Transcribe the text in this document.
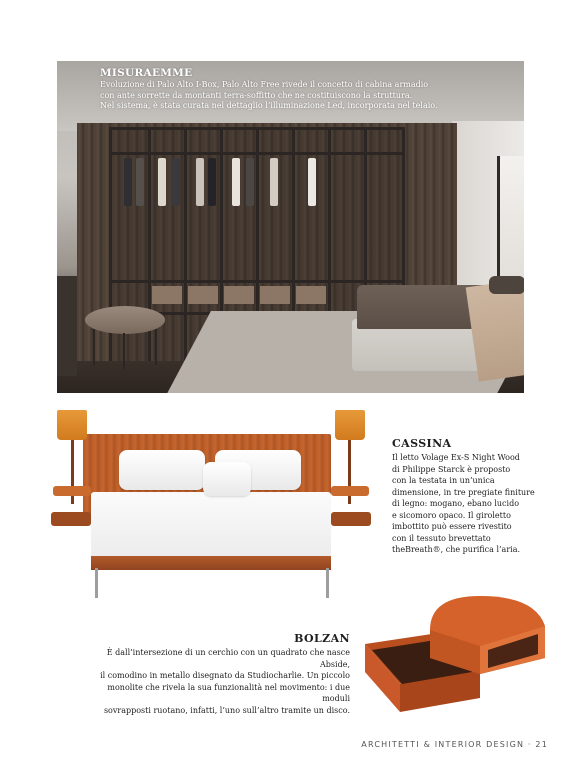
MISURAEMME

Evoluzione di Palo Alto I-Box, Palo Alto Free rivede il concetto di cabina armadio
con ante sorrette da montanti terra-soffitto che ne costituiscono la struttura.
Nel sistema, è stata curata nel dettaglio l’illuminazione Led, incorporata nel telaio.

CASSINA

Il letto Volage Ex-S Night Wood
di Philippe Starck è proposto
con la testata in un’unica
dimensione, in tre pregiate finiture
di legno: mogano, ebano lucido
e sicomoro opaco. Il giroletto
imbottito può essere rivestito
con il tessuto brevettato
theBreath®, che purifica l’aria.

BOLZAN

È dall’intersezione di un cerchio con un quadrato che nasce Abside,
il comodino in metallo disegnato da Studiocharlie. Un piccolo
monolite che rivela la sua funzionalità nel movimento: i due moduli
sovrapposti ruotano, infatti, l’uno sull’altro tramite un disco.

ARCHITETTI & INTERIOR DESIGN · 21
